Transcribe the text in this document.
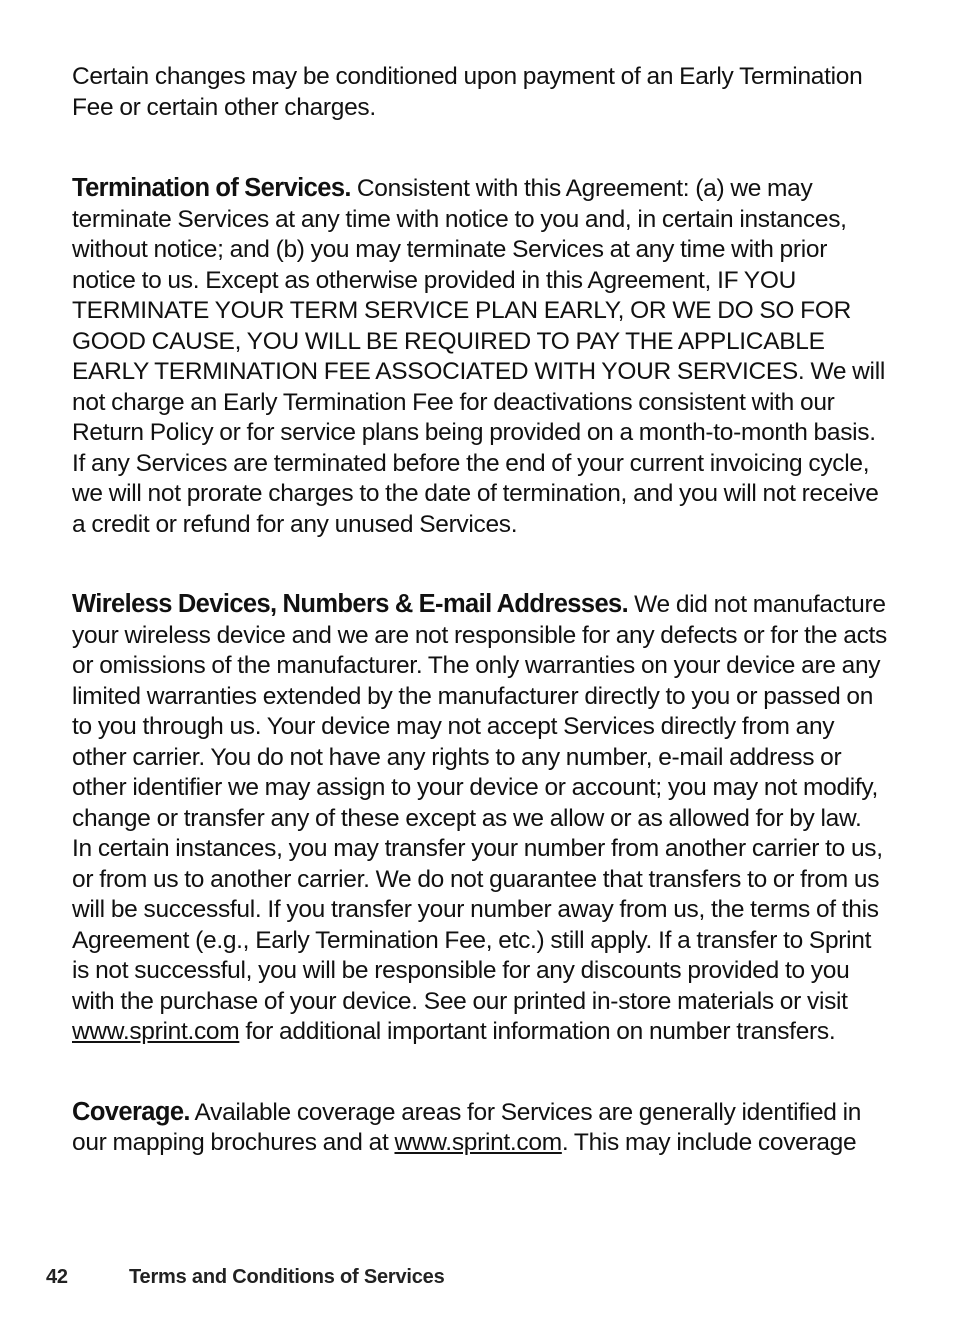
Certain changes may be conditioned upon payment of an Early Termination Fee or certain other charges.

Termination of Services. Consistent with this Agreement: (a) we may terminate Services at any time with notice to you and, in certain instances, without notice; and (b) you may terminate Services at any time with prior notice to us. Except as otherwise provided in this Agreement, IF YOU TERMINATE YOUR TERM SERVICE PLAN EARLY, OR WE DO SO FOR GOOD CAUSE, YOU WILL BE REQUIRED TO PAY THE APPLICABLE EARLY TERMINATION FEE ASSOCIATED WITH YOUR SERVICES. We will not charge an Early Termination Fee for deactivations consistent with our Return Policy or for service plans being provided on a month-to-month basis. If any Services are terminated before the end of your current invoicing cycle, we will not prorate charges to the date of termination, and you will not receive a credit or refund for any unused Services.

Wireless Devices, Numbers & E-mail Addresses. We did not manufacture your wireless device and we are not responsible for any defects or for the acts or omissions of the manufacturer. The only warranties on your device are any limited warranties extended by the manufacturer directly to you or passed on to you through us. Your device may not accept Services directly from any other carrier. You do not have any rights to any number, e-mail address or other identifier we may assign to your device or account; you may not modify, change or transfer any of these except as we allow or as allowed for by law. In certain instances, you may transfer your number from another carrier to us, or from us to another carrier. We do not guarantee that transfers to or from us will be successful. If you transfer your number away from us, the terms of this Agreement (e.g., Early Termination Fee, etc.) still apply. If a transfer to Sprint is not successful, you will be responsible for any discounts provided to you with the purchase of your device. See our printed in-store materials or visit www.sprint.com for additional important information on number transfers.

Coverage. Available coverage areas for Services are generally identified in our mapping brochures and at www.sprint.com. This may include coverage

42	Terms and Conditions of Services
